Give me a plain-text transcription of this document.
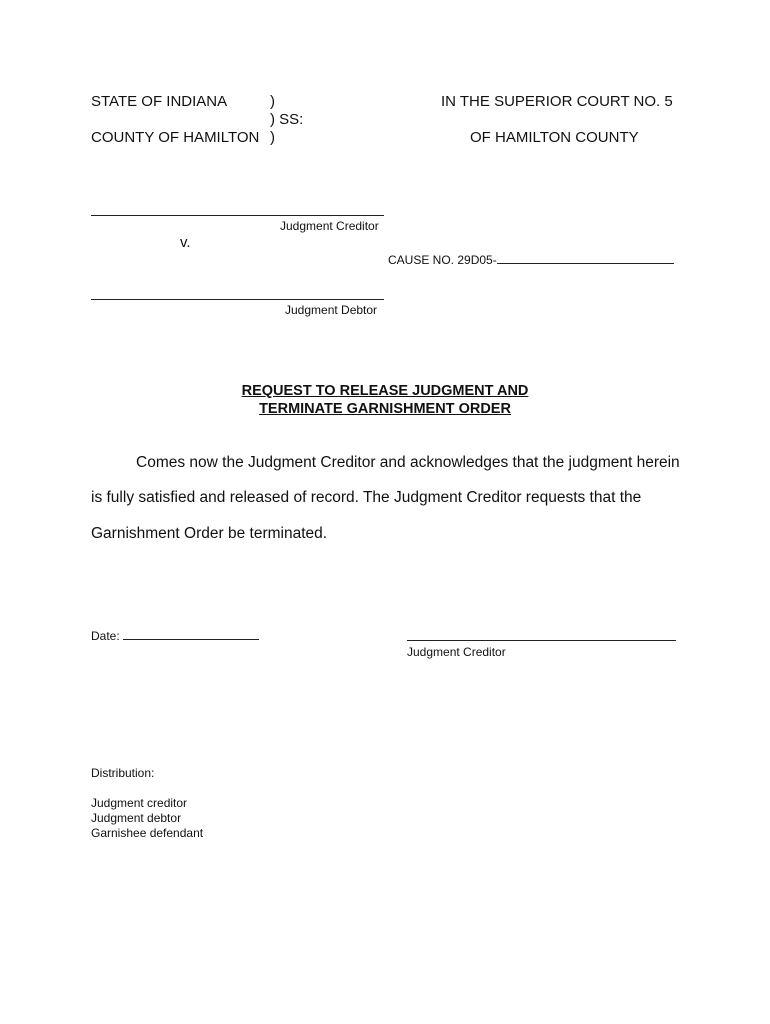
STATE OF INDIANA	)
) SS:
COUNTY OF HAMILTON )
IN THE SUPERIOR COURT NO. 5
OF HAMILTON COUNTY
Judgment Creditor
v.
CAUSE NO. 29D05-
Judgment Debtor
REQUEST TO RELEASE JUDGMENT AND
TERMINATE GARNISHMENT ORDER
Comes now the Judgment Creditor and acknowledges that the judgment herein
is fully satisfied and released of record. The Judgment Creditor requests that the
Garnishment Order be terminated.
Date:
Judgment Creditor
Distribution:
Judgment creditor
Judgment debtor
Garnishee defendant
